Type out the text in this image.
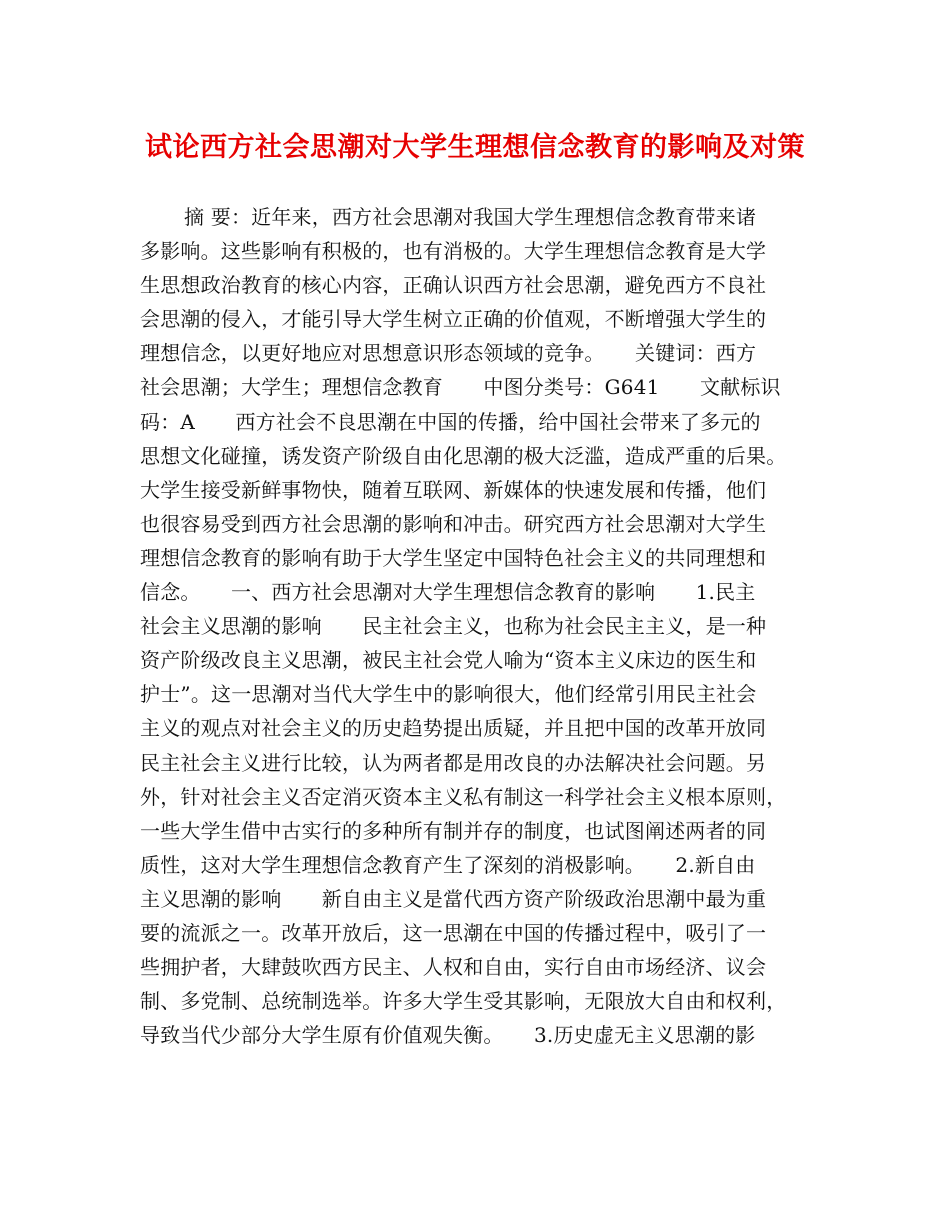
试论西方社会思潮对大学生理想信念教育的影响及对策
摘 要：近年来，西方社会思潮对我国大学生理想信念教育带来诸
多影响。这些影响有积极的，也有消极的。大学生理想信念教育是大学
生思想政治教育的核心内容，正确认识西方社会思潮，避免西方不良社
会思潮的侵入，才能引导大学生树立正确的价值观，不断增强大学生的
理想信念，以更好地应对思想意识形态领域的竞争。　　关键词：西方
社会思潮；大学生；理想信念教育　　中图分类号：G641　　文献标识
码：A　　西方社会不良思潮在中国的传播，给中国社会带来了多元的
思想文化碰撞，诱发资产阶级自由化思潮的极大泛滥，造成严重的后果。
大学生接受新鲜事物快，随着互联网、新媒体的快速发展和传播，他们
也很容易受到西方社会思潮的影响和冲击。研究西方社会思潮对大学生
理想信念教育的影响有助于大学生坚定中国特色社会主义的共同理想和
信念。　　一、西方社会思潮对大学生理想信念教育的影响　　1.民主
社会主义思潮的影响　　民主社会主义，也称为社会民主主义，是一种
资产阶级改良主义思潮，被民主社会党人喻为“资本主义床边的医生和
护士”。这一思潮对当代大学生中的影响很大，他们经常引用民主社会
主义的观点对社会主义的历史趋势提出质疑，并且把中国的改革开放同
民主社会主义进行比较，认为两者都是用改良的办法解决社会问题。另
外，针对社会主义否定消灭资本主义私有制这一科学社会主义根本原则，
一些大学生借中古实行的多种所有制并存的制度，也试图阐述两者的同
质性，这对大学生理想信念教育产生了深刻的消极影响。　　2.新自由
主义思潮的影响　　新自由主义是當代西方资产阶级政治思潮中最为重
要的流派之一。改革开放后，这一思潮在中国的传播过程中，吸引了一
些拥护者，大肆鼓吹西方民主、人权和自由，实行自由市场经济、议会
制、多党制、总统制选举。许多大学生受其影响，无限放大自由和权利，
导致当代少部分大学生原有价值观失衡。　　3.历史虚无主义思潮的影
